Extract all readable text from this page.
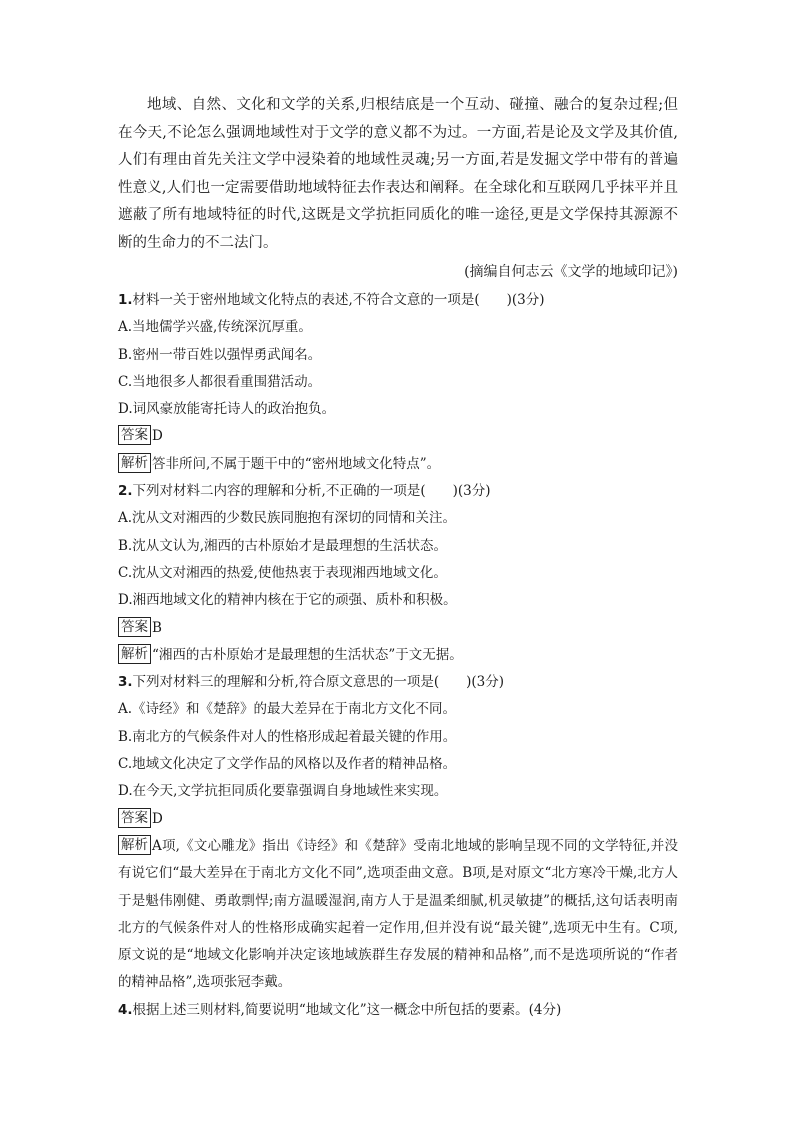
地域、自然、文化和文学的关系,归根结底是一个互动、碰撞、融合的复杂过程;但在今天,不论怎么强调地域性对于文学的意义都不为过。一方面,若是论及文学及其价值,人们有理由首先关注文学中浸染着的地域性灵魂;另一方面,若是发掘文学中带有的普遍性意义,人们也一定需要借助地域特征去作表达和阐释。在全球化和互联网几乎抹平并且遮蔽了所有地域特征的时代,这既是文学抗拒同质化的唯一途径,更是文学保持其源源不断的生命力的不二法门。

(摘编自何志云《文学的地域印记》)

1.材料一关于密州地域文化特点的表述,不符合文意的一项是(　　)(3分)

A.当地儒学兴盛,传统深沉厚重。

B.密州一带百姓以强悍勇武闻名。

C.当地很多人都很看重围猎活动。

D.词风豪放能寄托诗人的政治抱负。

答案 D

解析 答非所问,不属于题干中的“密州地域文化特点”。

2.下列对材料二内容的理解和分析,不正确的一项是(　　)(3分)

A.沈从文对湘西的少数民族同胞抱有深切的同情和关注。

B.沈从文认为,湘西的古朴原始才是最理想的生活状态。

C.沈从文对湘西的热爱,使他热衷于表现湘西地域文化。

D.湘西地域文化的精神内核在于它的顽强、质朴和积极。

答案 B

解析 “湘西的古朴原始才是最理想的生活状态”于文无据。

3.下列对材料三的理解和分析,符合原文意思的一项是(　　)(3分)

A.《诗经》和《楚辞》的最大差异在于南北方文化不同。

B.南北方的气候条件对人的性格形成起着最关键的作用。

C.地域文化决定了文学作品的风格以及作者的精神品格。

D.在今天,文学抗拒同质化要靠强调自身地域性来实现。

答案 D

解析 A项,《文心雕龙》指出《诗经》和《楚辞》受南北地域的影响呈现不同的文学特征,并没有说它们“最大差异在于南北方文化不同”,选项歪曲文意。B项,是对原文“北方寒冷干燥,北方人于是魁伟刚健、勇敢剽悍;南方温暖湿润,南方人于是温柔细腻,机灵敏捷”的概括,这句话表明南北方的气候条件对人的性格形成确实起着一定作用,但并没有说“最关键”,选项无中生有。C项,原文说的是“地域文化影响并决定该地域族群生存发展的精神和品格”,而不是选项所说的“作者的精神品格”,选项张冠李戴。

4.根据上述三则材料,简要说明“地域文化”这一概念中所包括的要素。(4分)
